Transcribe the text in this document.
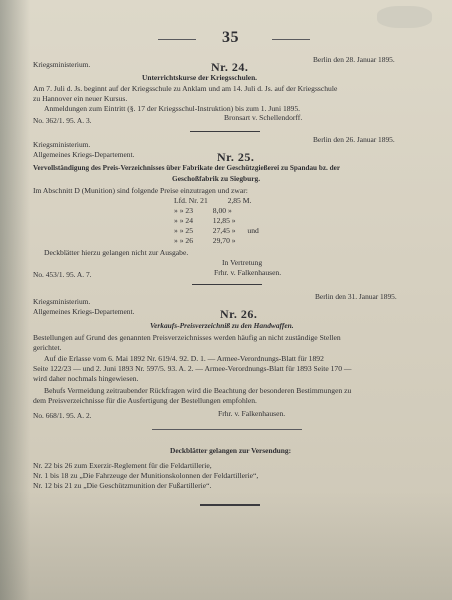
35
Kriegsministerium.
Berlin den 28. Januar 1895.
Nr. 24.
Unterrichtskurse der Kriegsschulen.
Am 7. Juli d. Js. beginnt auf der Kriegsschule zu Anklam und am 14. Juli d. Js. auf der Kriegsschule
zu Hannover ein neuer Kursus.
Anmeldungen zum Eintritt (§. 17 der Kriegsschul-Instruktion) bis zum 1. Juni 1895.
No. 362/1. 95. A. 3.	Bronsart v. Schellendorff.
Kriegsministerium.
Allgemeines Kriegs-Departement.
Berlin den 26. Januar 1895.
Nr. 25.
Vervollständigung des Preis-Verzeichnisses über Fabrikate der Geschützgießerei zu Spandau bz. der
Geschoßfabrik zu Siegburg.
Im Abschnitt D (Munition) sind folgende Preise einzutragen und zwar:
Lfd. Nr. 21	2,85 M.
» » 23	8,00 »
» » 24	12,85 »
» » 25	27,45 » und
» » 26	29,70 »
Deckblätter hierzu gelangen nicht zur Ausgabe.
In Vertretung
No. 453/1. 95. A. 7.	Frhr. v. Falkenhausen.
Kriegsministerium.
Allgemeines Kriegs-Departement.
Berlin den 31. Januar 1895.
Nr. 26.
Verkaufs-Preisverzeichniß zu den Handwaffen.
Bestellungen auf Grund des genannten Preisverzeichnisses werden häufig an nicht zuständige Stellen
gerichtet.
Auf die Erlasse vom 6. Mai 1892 Nr. 619/4. 92. D. 1. — Armee-Verordnungs-Blatt für 1892
Seite 122/23 — und 2. Juni 1893 Nr. 597/5. 93. A. 2. — Armee-Verordnungs-Blatt für 1893 Seite 170 —
wird daher nochmals hingewiesen.
Behufs Vermeidung zeitraubender Rückfragen wird die Beachtung der besonderen Bestimmungen zu
dem Preisverzeichnisse für die Ausfertigung der Bestellungen empfohlen.
No. 668/1. 95. A. 2.	Frhr. v. Falkenhausen.
Deckblätter gelangen zur Versendung:
Nr. 22 bis 26 zum Exerzir-Reglement für die Feldartillerie,
Nr. 1 bis 18 zu „Die Fahrzeuge der Munitionskolonnen der Feldartillerie“,
Nr. 12 bis 21 zu „Die Geschützmunition der Fußartillerie“.
